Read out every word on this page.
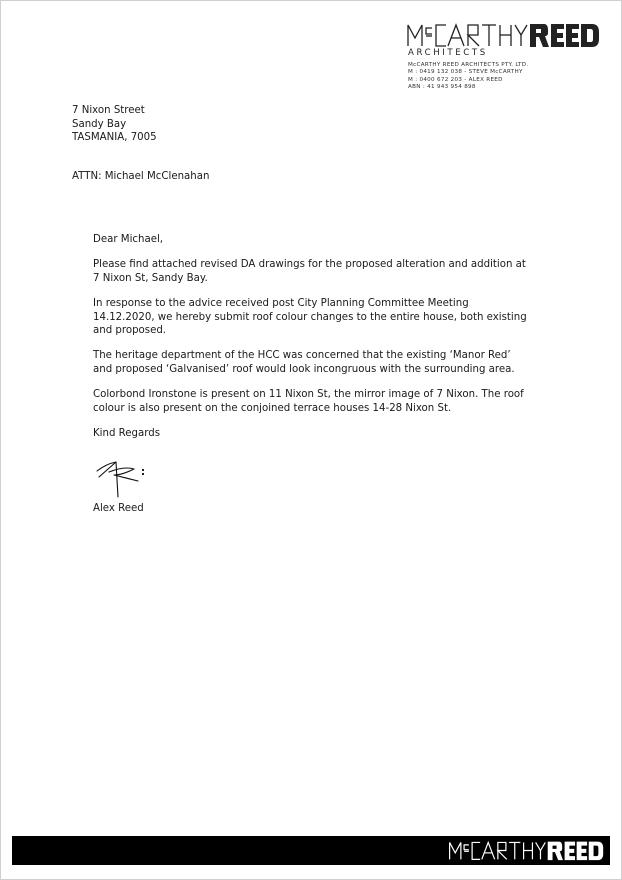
ARCHITECTS
McCARTHY REED ARCHITECTS PTY. LTD.
M : 0419 132 038 - STEVE McCARTHY
M : 0400 672 203 - ALEX REED
ABN : 41 943 954 898
7 Nixon Street
Sandy Bay
TASMANIA, 7005
ATTN: Michael McClenahan

Dear Michael,

Please find attached revised DA drawings for the proposed alteration and addition at 7 Nixon St, Sandy Bay.

In response to the advice received post City Planning Committee Meeting 14.12.2020, we hereby submit roof colour changes to the entire house, both existing and proposed.

The heritage department of the HCC was concerned that the existing ‘Manor Red’ and proposed ‘Galvanised’ roof would look incongruous with the surrounding area.

Colorbond Ironstone is present on 11 Nixon St, the mirror image of 7 Nixon. The roof colour is also present on the conjoined terrace houses 14-28 Nixon St.

Kind Regards

Alex Reed
